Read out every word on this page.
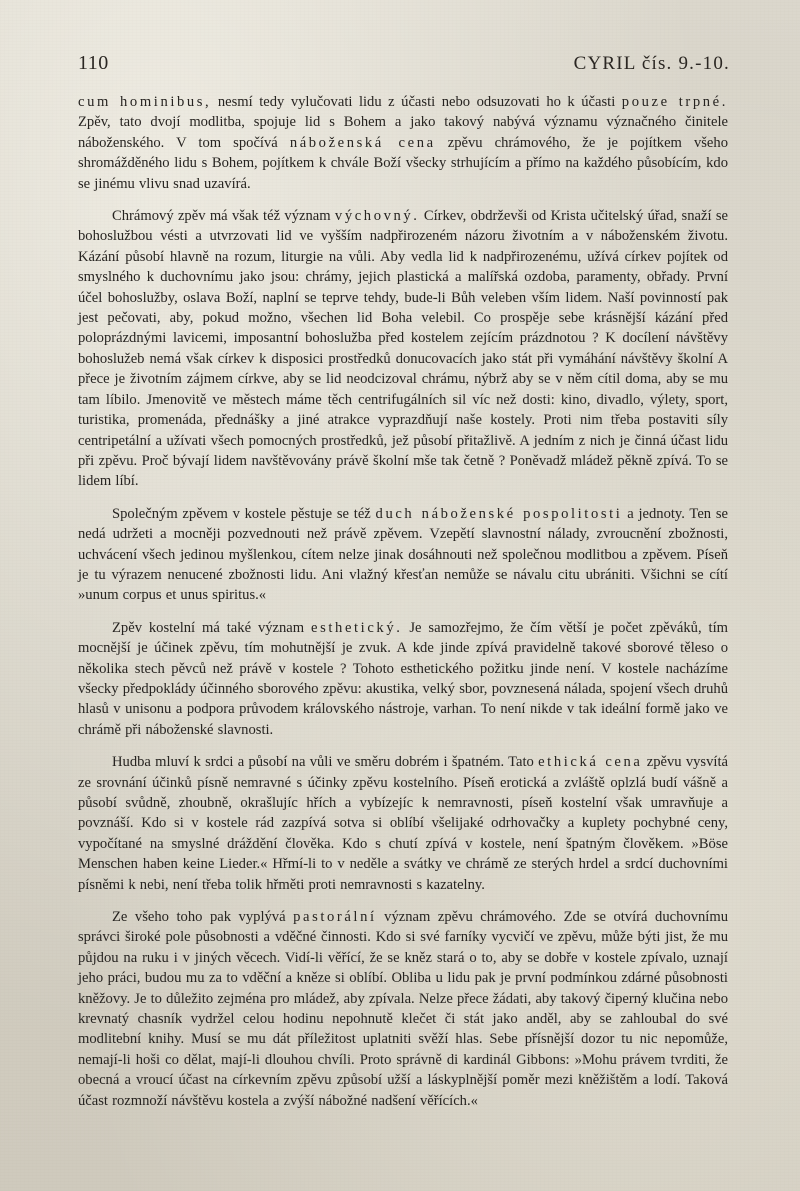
110	CYRIL čís. 9.-10.

cum hominibus, nesmí tedy vylučovati lidu z účasti nebo odsuzovati ho k účasti pouze trpné. Zpěv, tato dvojí modlitba, spojuje lid s Bohem a jako takový nabývá významu význačného činitele náboženského. V tom spočívá náboženská cena zpěvu chrámového, že je pojítkem všeho shromážděného lidu s Bohem, pojítkem k chvále Boží všecky strhujícím a přímo na každého působícím, kdo se jinému vlivu snad uzavírá.

Chrámový zpěv má však též význam výchovný. Církev, obdrževši od Krista učitelský úřad, snaží se bohoslužbou vésti a utvrzovati lid ve vyšším nadpřirozeném názoru životním a v náboženském životu. Kázání působí hlavně na rozum, liturgie na vůli. Aby vedla lid k nadpřirozenému, užívá církev pojítek od smyslného k duchovnímu jako jsou: chrámy, jejich plastická a malířská ozdoba, paramenty, obřady. První účel bohoslužby, oslava Boží, naplní se teprve tehdy, bude-li Bůh veleben vším lidem. Naší povinností pak jest pečovati, aby, pokud možno, všechen lid Boha velebil. Co prospěje sebe krásnější kázání před poloprázdnými lavicemi, imposantní bohoslužba před kostelem zejícím prázdnotou ? K docílení návštěvy bohoslužeb nemá však církev k disposici prostředků donucovacích jako stát při vymáhání návštěvy školní A přece je životním zájmem církve, aby se lid neodcizoval chrámu, nýbrž aby se v něm cítil doma, aby se mu tam líbilo. Jmenovitě ve městech máme těch centrifugálních sil víc než dosti: kino, divadlo, výlety, sport, turistika, promenáda, přednášky a jiné atrakce vyprazdňují naše kostely. Proti nim třeba postaviti síly centripetální a užívati všech pomocných prostředků, jež působí přitažlivě. A jedním z nich je činná účast lidu při zpěvu. Proč bývají lidem navštěvovány právě školní mše tak četně ? Poněvadž mládež pěkně zpívá. To se lidem líbí.

Společným zpěvem v kostele pěstuje se též duch náboženské pospolitosti a jednoty. Ten se nedá udržeti a mocněji pozvednouti než právě zpěvem. Vzepětí slavnostní nálady, zvroucnění zbožnosti, uchvácení všech jedinou myšlenkou, cítem nelze jinak dosáhnouti než společnou modlitbou a zpěvem. Píseň je tu výrazem nenucené zbožnosti lidu. Ani vlažný křesťan nemůže se návalu citu ubrániti. Všichni se cítí »unum corpus et unus spiritus.«

Zpěv kostelní má také význam esthetický. Je samozřejmo, že čím větší je počet zpěváků, tím mocnější je účinek zpěvu, tím mohutnější je zvuk. A kde jinde zpívá pravidelně takové sborové těleso o několika stech pěvců než právě v kostele ? Tohoto esthetického požitku jinde není. V kostele nacházíme všecky předpoklády účinného sborového zpěvu: akustika, velký sbor, povznesená nálada, spojení všech druhů hlasů v unisonu a podpora průvodem královského nástroje, varhan. To není nikde v tak ideální formě jako ve chrámě při náboženské slavnosti.

Hudba mluví k srdci a působí na vůli ve směru dobrém i špatném. Tato ethická cena zpěvu vysvítá ze srovnání účinků písně nemravné s účinky zpěvu kostelního. Píseň erotická a zvláště oplzlá budí vášně a působí svůdně, zhoubně, okrašlujíc hřích a vybízejíc k nemravnosti, píseň kostelní však umravňuje a povznáší. Kdo si v kostele rád zazpívá sotva si oblíbí všelijaké odrhovačky a kuplety pochybné ceny, vypočítané na smyslné dráždění člověka. Kdo s chutí zpívá v kostele, není špatným člověkem. »Böse Menschen haben keine Lieder.« Hřmí-li to v neděle a svátky ve chrámě ze sterých hrdel a srdcí duchovními písněmi k nebi, není třeba tolik hřměti proti nemravnosti s kazatelny.

Ze všeho toho pak vyplývá pastorální význam zpěvu chrámového. Zde se otvírá duchovnímu správci široké pole působnosti a vděčné činnosti. Kdo si své farníky vycvičí ve zpěvu, může býti jist, že mu půjdou na ruku i v jiných věcech. Vidí-li věřící, že se kněz stará o to, aby se dobře v kostele zpívalo, uznají jeho práci, budou mu za to vděční a kněze si oblíbí. Obliba u lidu pak je první podmínkou zdárné působnosti kněžovy. Je to důležito zejména pro mládež, aby zpívala. Nelze přece žádati, aby takový čiperný klučina nebo krevnatý chasník vydržel celou hodinu nepohnutě klečet či stát jako anděl, aby se zahloubal do své modlitební knihy. Musí se mu dát příležitost uplatniti svěží hlas. Sebe přísnější dozor tu nic nepomůže, nemají-li hoši co dělat, mají-li dlouhou chvíli. Proto správně di kardinál Gibbons: »Mohu právem tvrditi, že obecná a vroucí účast na církevním zpěvu způsobí užší a láskyplnější poměr mezi kněžištěm a lodí. Taková účast rozmnoží návštěvu kostela a zvýší nábožné nadšení věřících.«
